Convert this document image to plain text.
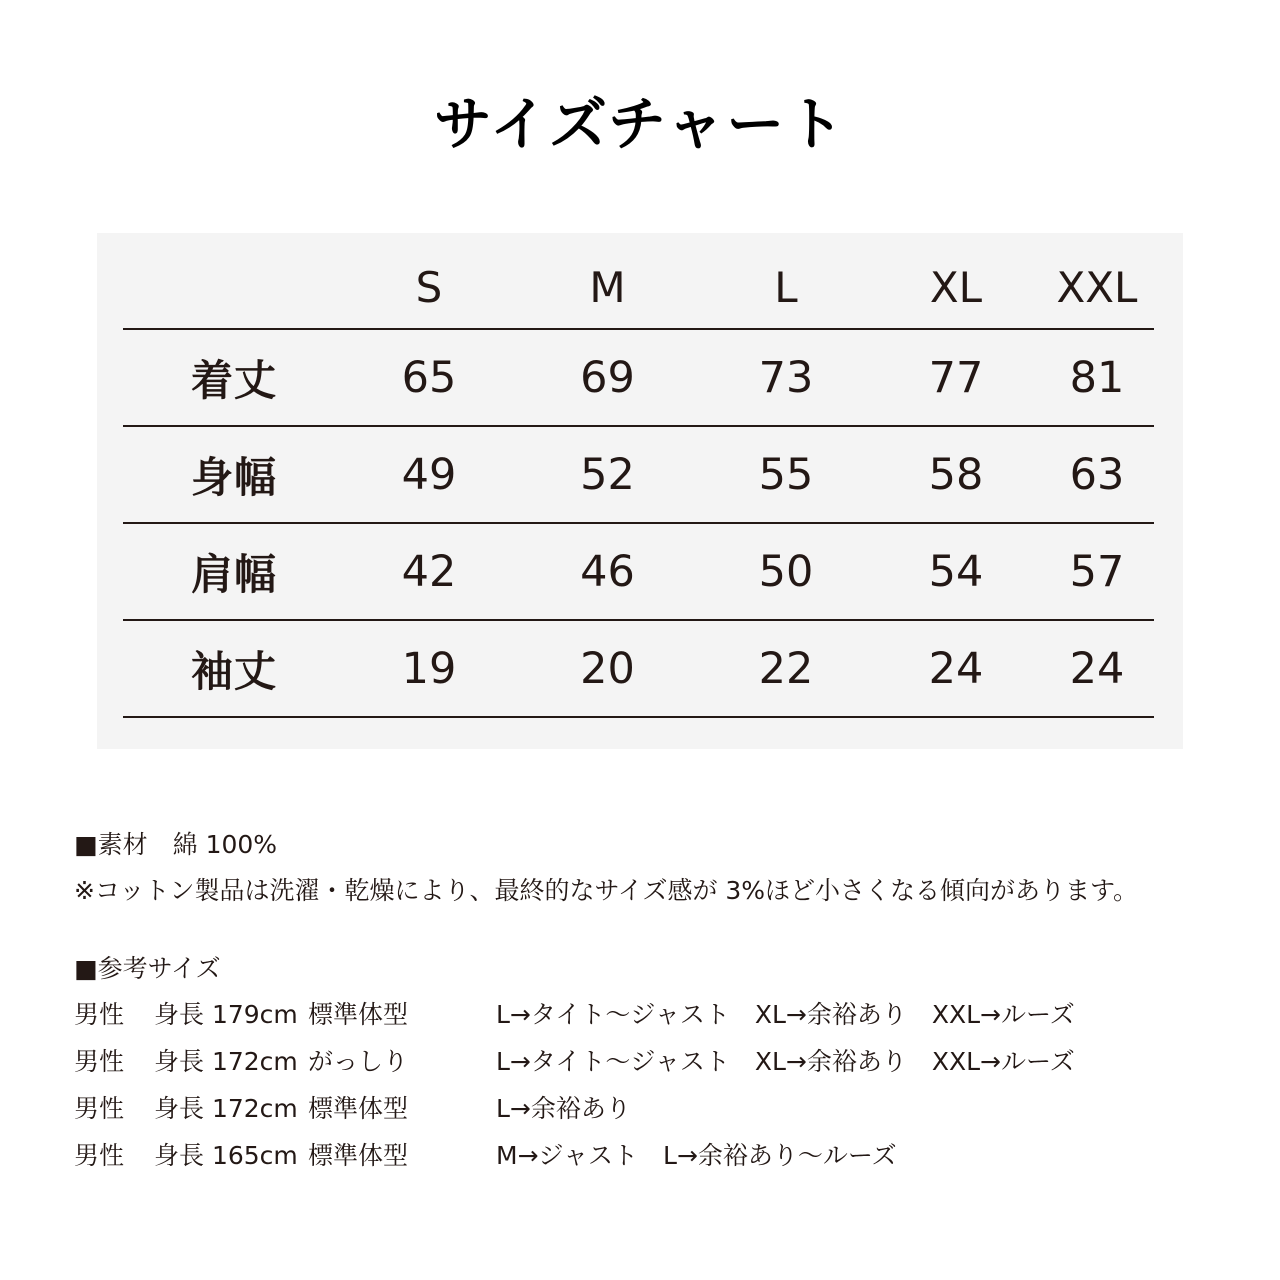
サイズチャート
	S	M	L	XL	XXL
着丈	65	69	73	77	81
身幅	49	52	55	58	63
肩幅	42	46	50	54	57
袖丈	19	20	22	24	24
■素材　綿 100%
※コットン製品は洗濯・乾燥により、最終的なサイズ感が 3%ほど小さくなる傾向があります。
■参考サイズ
男性 身長 179cm 標準体型	L→タイト～ジャスト　XL→余裕あり　XXL→ルーズ
男性 身長 172cm がっしり	L→タイト～ジャスト　XL→余裕あり　XXL→ルーズ
男性 身長 172cm 標準体型	L→余裕あり
男性 身長 165cm 標準体型	M→ジャスト　L→余裕あり～ルーズ
